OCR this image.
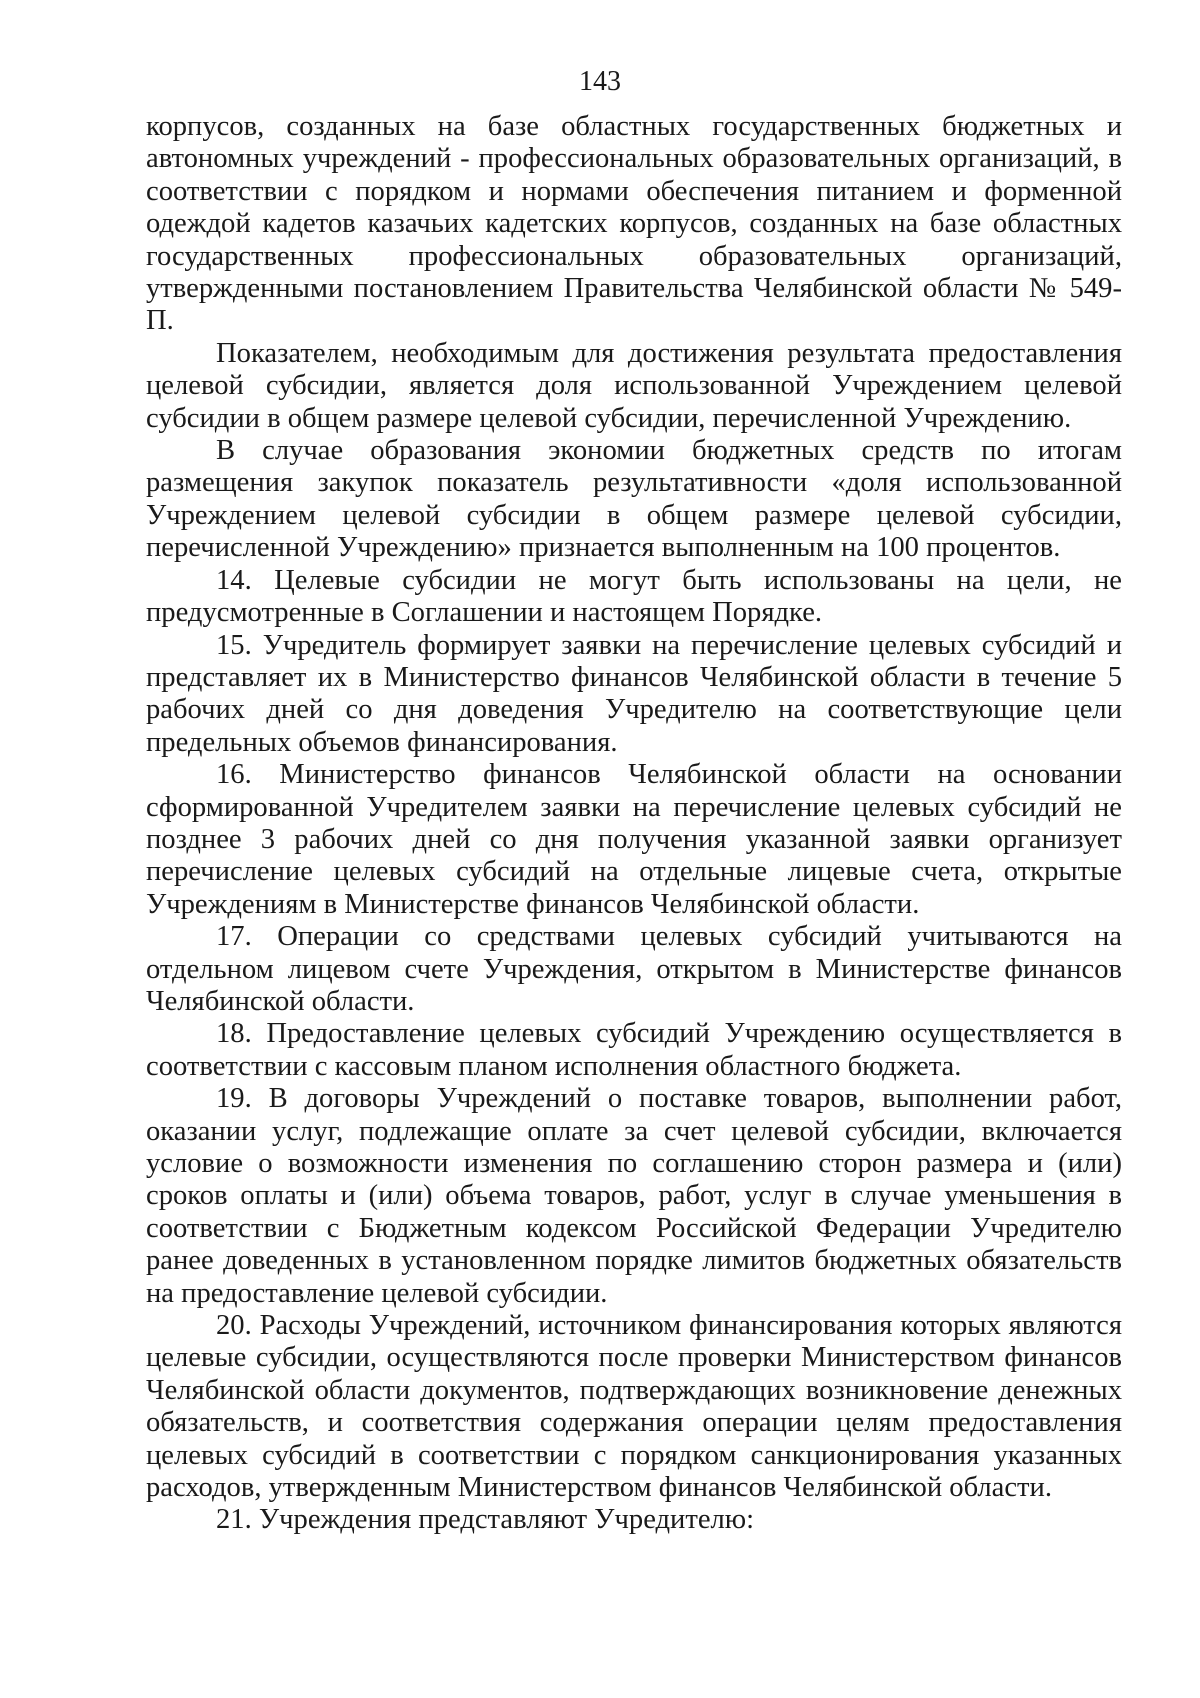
143

корпусов, созданных на базе областных государственных бюджетных и автономных учреждений - профессиональных образовательных организаций, в соответствии с порядком и нормами обеспечения питанием и форменной одеждой кадетов казачьих кадетских корпусов, созданных на базе областных государственных профессиональных образовательных организаций, утвержденными постановлением Правительства Челябинской области № 549-П.

Показателем, необходимым для достижения результата предоставления целевой субсидии, является доля использованной Учреждением целевой субсидии в общем размере целевой субсидии, перечисленной Учреждению.

В случае образования экономии бюджетных средств по итогам размещения закупок показатель результативности «доля использованной Учреждением целевой субсидии в общем размере целевой субсидии, перечисленной Учреждению» признается выполненным на 100 процентов.

14. Целевые субсидии не могут быть использованы на цели, не предусмотренные в Соглашении и настоящем Порядке.

15. Учредитель формирует заявки на перечисление целевых субсидий и представляет их в Министерство финансов Челябинской области в течение 5 рабочих дней со дня доведения Учредителю на соответствующие цели предельных объемов финансирования.

16. Министерство финансов Челябинской области на основании сформированной Учредителем заявки на перечисление целевых субсидий не позднее 3 рабочих дней со дня получения указанной заявки организует перечисление целевых субсидий на отдельные лицевые счета, открытые Учреждениям в Министерстве финансов Челябинской области.

17. Операции со средствами целевых субсидий учитываются на отдельном лицевом счете Учреждения, открытом в Министерстве финансов Челябинской области.

18. Предоставление целевых субсидий Учреждению осуществляется в соответствии с кассовым планом исполнения областного бюджета.

19. В договоры Учреждений о поставке товаров, выполнении работ, оказании услуг, подлежащие оплате за счет целевой субсидии, включается условие о возможности изменения по соглашению сторон размера и (или) сроков оплаты и (или) объема товаров, работ, услуг в случае уменьшения в соответствии с Бюджетным кодексом Российской Федерации Учредителю ранее доведенных в установленном порядке лимитов бюджетных обязательств на предоставление целевой субсидии.

20. Расходы Учреждений, источником финансирования которых являются целевые субсидии, осуществляются после проверки Министерством финансов Челябинской области документов, подтверждающих возникновение денежных обязательств, и соответствия содержания операции целям предоставления целевых субсидий в соответствии с порядком санкционирования указанных расходов, утвержденным Министерством финансов Челябинской области.

21. Учреждения представляют Учредителю:
